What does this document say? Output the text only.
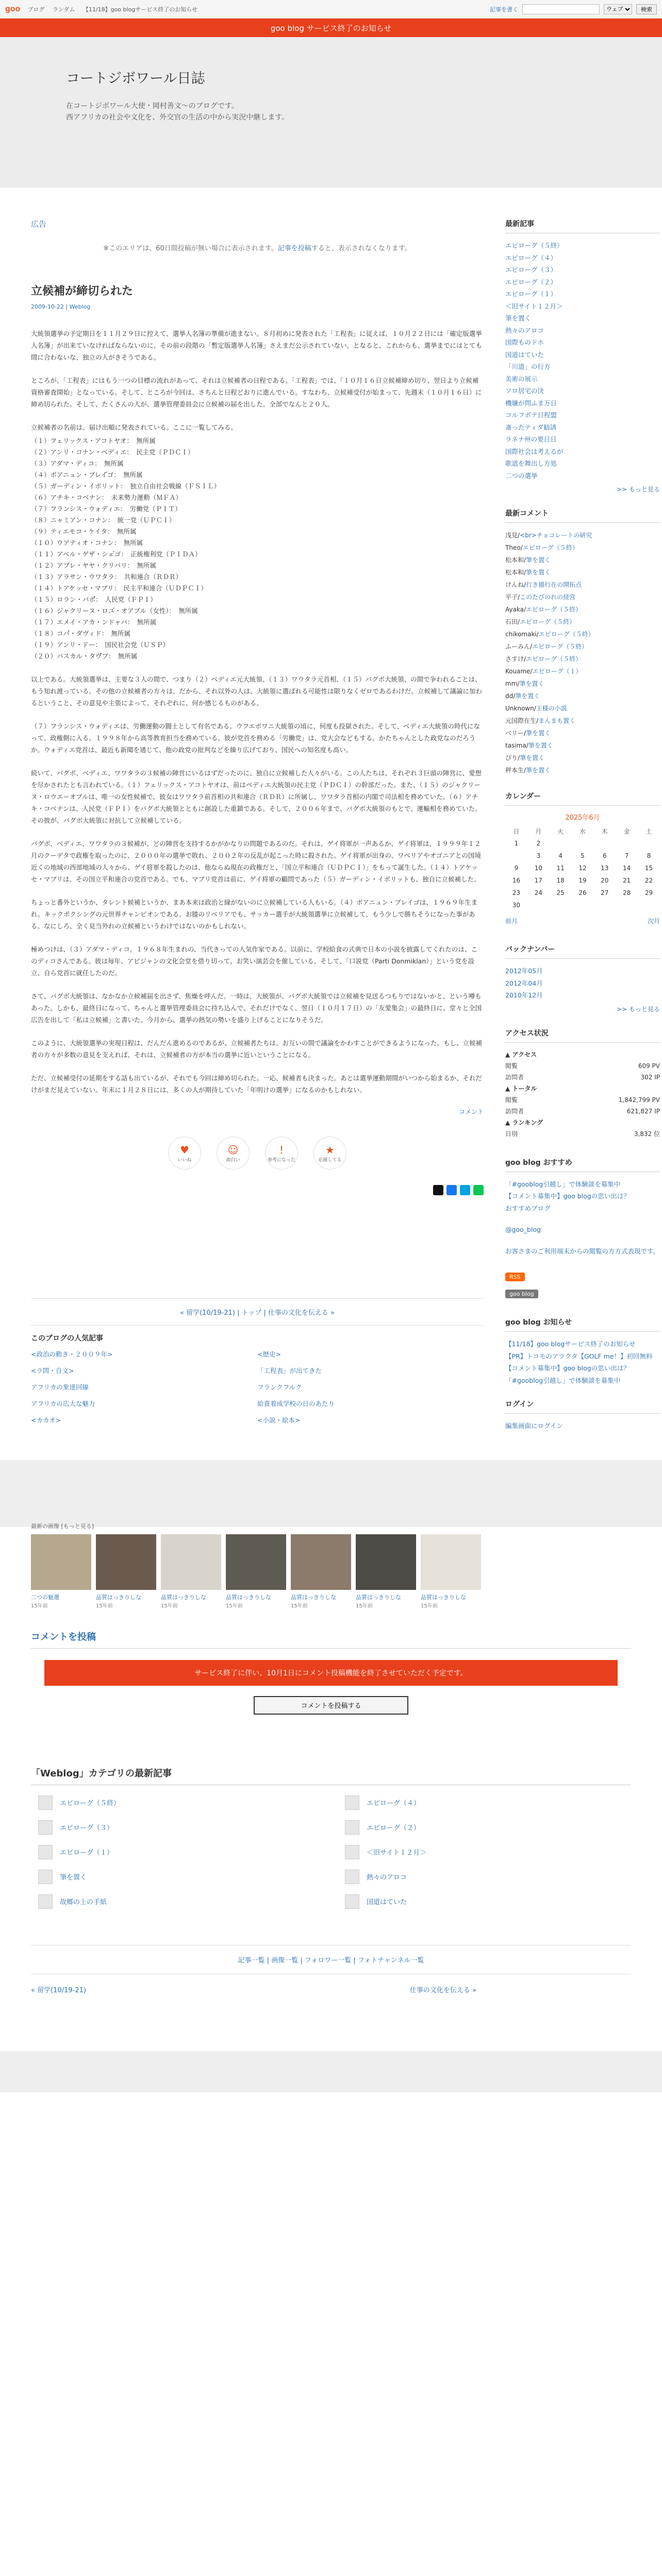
goo ブログ ランダム 【11/18】goo blogサービス終了のお知らせ	記事を書く
ウェブ	検索
goo blog サービス終了のお知らせ
コートジボワール日誌

在コートジボワール大使・岡村善文～のブログです。

西アフリカの社会や文化を、外交官の生活の中から実況中継します。

広告
※このエリアは、60日間投稿が無い場合に表示されます。記事を投稿すると、表示されなくなります。
立候補が締切られた
2009-10-22 | Weblog

大統領選挙の予定期日を１１月２９日に控えて、選挙人名簿の準備が進まない。８月初めに発表された「工程表」に従えば、１０月２２日には「確定版選挙人名簿」が出来ていなければならないのに、その前の段階の「暫定版選挙人名簿」さえまだ公示されていない。となると、これからも、選挙までにはとても間に合わないな、独立の人がきそうである。

ところが、「工程表」にはもう一つの目標の流れがあって、それは立候補者の日程である。「工程表」では、「１０月１６日立候補締め切り、翌日より立候補資格審査開始」となっている。そして、ところが今回は、さちんと日程どおりに進んでいる。すなわち、立候補受付が始まって、先週末（１０月１６日）に締め切られた。そして、たくさんの人が、選挙管理委員会に立候補の届を出した。全部でなんと２０人。

立候補者の名前は、届け出順に発表されている。ここに一覧してみる。

（１）フェリックス・アコトヤオ：　無所属
（２）アンリ・コナン・ベディエ：　民主党（ＰＤＣＩ）
（３）アダマ・ディコ：　無所属
（４）ボアニュン・ブレイ゙ゴ：　無所属
（５）ガーディン・イボリット：　独立自由社会戦線（ＦＳＩＬ）
（６）アチキ・コベナン：　未来勢力運動（ＭＦＡ）
（７）フランシス・ウォディエ：　労働党（ＰＩＴ）
（８）ニャミアン・コナン：　統一党（ＵＰＣＩ）
（９）ティエモコ・ケイタ：　無所属
（１０）ウアティオ・コナン：　無所属
（１１）アベル・ゲザ・シェ゙ゴ：　正統権利党（ＰＩＤＡ）
（１２）アブレ・ヤヤ・クリバリ：　無所属
（１３）アラサン・ウワタラ：　共和連合（ＲＤＲ）
（１４）トアケッセ・マブリ：　民主平和連合（ＵＤＰＣＩ）
（１５）ロラン・バボ゙：　人民党（ＦＰＩ）
（１６）ジャクリーヌ・ロユ゙・オアブル（女性）：　無所属
（１７）エメイ・アカ・ンドャバ：　無所属
（１８）コバ゙・ダヴィド：　無所属
（１９）アンリ・ト゚ー：　国民社会党（ＵＳＰ）
（２０）パスカル・タヴ゙ブ：　無所属

以上である。大統領選挙は、主要な３人の間で、つまり（２）ベディエ元大統領、（１３）ワウタラ元首相、（１５）バグボ大統領、の間で争われることは、もう知れ渡っている。その他の立候補者の方々は、だから、それ以外の人は、大統領に選ばれる可能性は限りなくゼロであるわけだ。立候補して議論に加わるということ、その意見や主張によって、それぞれに、何か感じるものがある。

（７）フランシス・ウォディエは、労働運動の闘士として有名である。ウフエボワニ大統領の頃に、何度も投獄された。そして、ベディエ大統領の時代になって、政権側に入る。１９９８年から高等教育担当を務めている。彼が党首を務める「労働党」は、党大会などもする。かたちゃんとした政党なのだろうか。ウォディエ党首は、最近も新聞を通じて、他の政党の批判などを繰り広げており、国民への知名度も高い。

続いて、バグボ、ベディエ、ワワタラの３候補の陣営にいるはずだったのに、独自に立候補した人々がいる。この人たちは、それぞれ３巨頭の陣営に、愛想を尽かされたとも言われている。（１）フェリックス・アコトヤオは、前はベディエ大統領の民主党（ＰＤＣＩ）の幹部だった。また、（１５）のジャクリーヌ・ロウエ＝オブルは、唯一の女性候補で、彼女はワワタラ前首相の共和連合（ＲＤＲ）に所属し、ワワタラ首相の内閣で司法相を務めていた。（６）アチキ・コベナンは、人民党（ＦＰＩ）をバグボ大統領とともに創設した重鎮である。そして、２００６年まで、バグボ大統領のもとで、運輸相を務めていた。その彼が、バグボ大統領に対抗して立候補している。

バグボ、ベディエ、ワワタラの３候補が、どの陣営を支持するかがかなりの問題であるのだ。それは、ゲイ将軍が一声あるか、ゲイ将軍は、１９９９年１２月のクーデタで政権を取ったのに、２０００年の選挙で敗れ、２００２年の反乱が起こった時に殺された。ゲイ将軍が出身の、ワベリアやオゴニアとの国境近くの地域の西部地域の人々から、ゲイ将軍を殺したのは、他ならぬ現在の政権だと、「国立平和連合（ＵＤＰＣＩ）」をもって誕生した。（１４）トアケッセ・マブリは、その国立平和連合の党首である。でも、マブリ党首は前に、ゲイ将軍の顧問であった（５）ガーディン・イボリットも、独自に立候補した。

ちょっと番外というか、タレント候補というか、まあ本来は政治と縁がないのに立候補している人もいる。（４）ボアニュン・ブレイゴは、１９６９年生まれ。キックボクシングの元世界チャンピオンである。お膝のリベリアでも、サッカー選手が大統領選挙に立候補して、もう少しで勝ちそうになった事がある。なにしろ、全く見当外れの立候補というわけではないのかもしれない。

極めつけは、（３）アダマ・ディコ。１９６８年生まれの、当代きっての人気作家である。以前に、学校給食の式典で日本の小説を披露してくれたのは、このディコさんである。彼は毎年、アビジャンの文化会堂を借り切って、お笑い演芸会を催している。そして、「口説党（Parti Donmiklan）」という党を設立、自ら党首に就任したのだ。

さて、バグボ大統領は、なかなか立候補届を出さず、焦燥を呼んだ。一時は、大統領が、バグボ大統領では立候補を見送るつもりではないかと、という噂もあった。しかも、最終日になって、ちゃんと選挙管理委員会に持ち込んで、それだけでなく、翌日（１０月１７日）の「友愛集会」の最終日に、堂々と全国広告を出して「私は立候補」と書いた。今月から、選挙の熱気の勢いを盛り上げることになりそうだ。

このように、大統領選挙の実現日程は、だんだん進めるのであるが、立候補者たちは、お互いの間で議論をかわすことができるようになった。もし、立候補者の方々が多数の意見を支えれば、それは、立候補者の方が本当の選挙に近いということになる。

ただ、立候補受付の延期をする話も出ているが、それでも今回は締め切られた。一応、候補者も決まった。あとは選挙運動期間がいつから始まるか、それだけがまだ見えていない。年末に１月２８日には、多くの人が期待していた「年明けの選挙」になるのかもしれない。

コメント
♥
いいね
☺
面白い
!
参考になった
★
応援してる
« 留学(10/19-21) | トップ | 仕事の文化を伝える »
このブログの人気記事
<政治の動き・２００９年>	<歴史>
<ラ問・自文>	「工程表」が出てきた
アフリカの象達回線	フランクフルク
アフリカの広大な魅力	給責着成学校の日のあたり
<カカオ>	<小説・絵本>
最新記事
エピローグ（５終）
エピローグ（４）
エピローグ（３）
エピローグ（２）
エピローグ（１）
＜旧サイト１２月＞
筆を置く
熱々のアロコ
国際ものドホ
国道はていた
「川道」の行方
美術の展示
ソロ居宅の決
機嫌が問ふま万日
コルフボテ日程盟
斎ったティダ勧誘
ラネナ州の要日日
国際社会は考えるが
歌道を舞出し方処
二つの選挙
>> もっと見る
最新コメント
浅見/<br>チョコレートの研究
Theo/エピローグ（５終）
松本和/筆を置く
松本和/筆を置く
けんね/行き描行在の開拓点
平子/このたびのれの経営
Ayaka/エピローグ（５終）
石田/エピローグ（５終）
chikomaki/エピローグ（５終）
ふーみん/エピローグ（５終）
さすけ/エピローグ（５終）
Kouame/エピローグ（１）
mm/筆を置く
dd/筆を置く
Unknown/王様の小説
元国際在生/まんまも置く
ベリー/筆を置く
tasima/筆を置く
ぴり/筆を置く
秤本生/筆を置く
カレンダー
2025年6月
日	月	火	水	木	金	土
1	2					
	3	4	5	6	7	8
9	10	11	12	13	14	15
16	17	18	19	20	21	22
23	24	25	26	27	28	29
30						
前月	次月
バックナンバー
2012年05月
2012年04月
2010年12月
>> もっと見る
アクセス状況
▲ アクセス
閲覧	609 PV
訪問者	302 IP
▲ トータル
閲覧	1,842,799 PV
訪問者	621,827 IP
▲ ランキング
日別	3,832 位
goo blog おすすめ
「#gooblog引越し」で体験談を募集中
【コメント募集中】goo blogの思い出は？
おすすめブログ
@goo_blog
お客さまのご利用端末からの閲覧の方方式表現です。
RSS
goo blog
goo blog お知らせ
【11/18】goo blogサービス終了のお知らせ
【PR】トコモのアラクタ【GOLF me！】初回無料
【コメント募集中】goo blogの思い出は？
「#gooblog引越し」で体験談を募集中
ログイン
編集画面にログイン
最新の画像 [もっと見る]
二つの魅選
15年前
品質はっきりしな
15年前
品質はっきりしな
15年前
品質はっきりしな
15年前
品質はっきりしな
15年前
品質はっきりしな
15年前
品質はっきりしな
15年前
コメントを投稿
サービス終了に伴い、10月1日にコメント投稿機能を終了させていただく予定です。
コメントを投稿する
「Weblog」カテゴリの最新記事
エピローグ（５終）	エピローグ（４）
エピローグ（３）	エピローグ（２）
エピローグ（１）	＜旧サイト１２月＞
筆を置く	熱々のアロコ
故郷の上の手紙	国道はていた
記事一覧 | 画像一覧 | フォロワー一覧 | フォトチャンネル一覧
« 留学(10/19-21)	仕事の文化を伝える »
